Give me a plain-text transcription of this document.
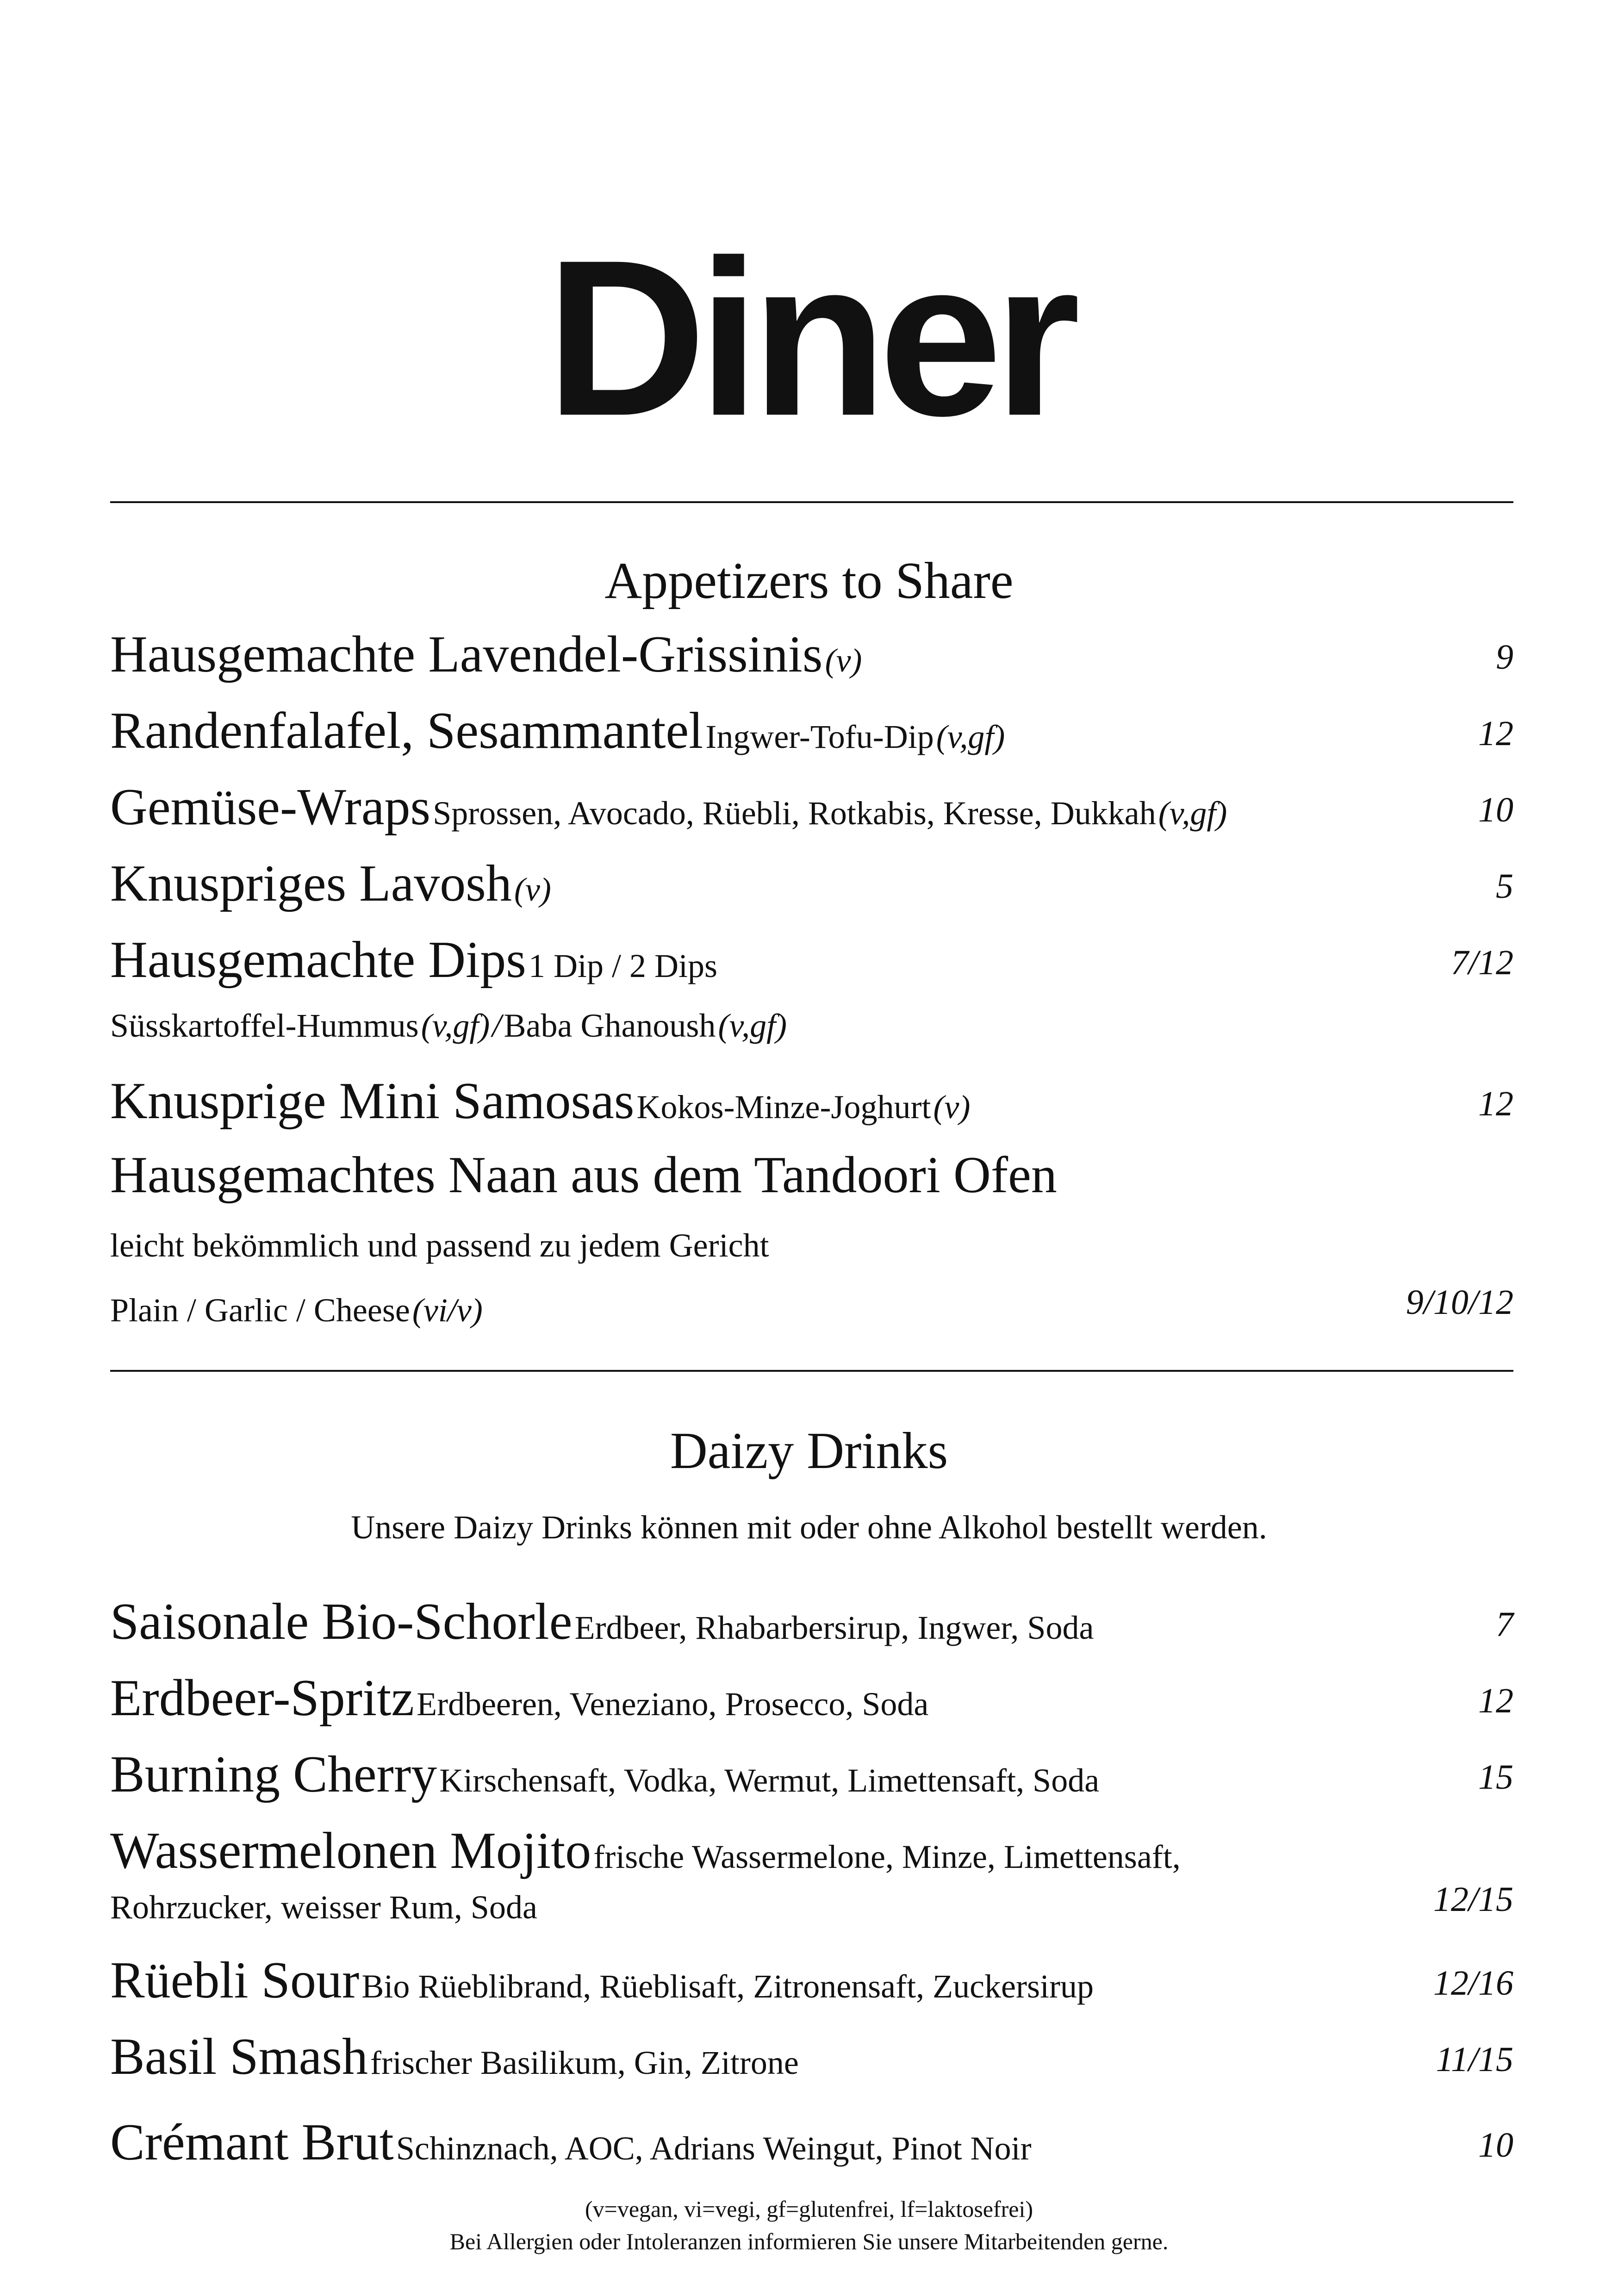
Diner
Appetizers to Share
Hausgemachte Lavendel-Grissinis (v)	9
Randenfalafel, Sesammantel Ingwer-Tofu-Dip (v,gf)	12
Gemüse-Wraps Sprossen, Avocado, Rüebli, Rotkabis, Kresse, Dukkah (v,gf)	10
Knuspriges Lavosh (v)	5
Hausgemachte Dips 1 Dip / 2 Dips	7/12
Süsskartoffel-Hummus (v,gf) / Baba Ghanoush (v,gf)
Knusprige Mini Samosas Kokos-Minze-Joghurt (v)	12
Hausgemachtes Naan aus dem Tandoori Ofen
leicht bekömmlich und passend zu jedem Gericht
Plain / Garlic / Cheese (vi/v)	9/10/12
Daizy Drinks
Unsere Daizy Drinks können mit oder ohne Alkohol bestellt werden.
Saisonale Bio-Schorle Erdbeer, Rhabarbersirup, Ingwer, Soda	7
Erdbeer-Spritz Erdbeeren, Veneziano, Prosecco, Soda	12
Burning Cherry Kirschensaft, Vodka, Wermut, Limettensaft, Soda	15
Wassermelonen Mojito frische Wassermelone, Minze, Limettensaft,
Rohrzucker, weisser Rum, Soda	12/15
Rüebli Sour Bio Rüeblibrand, Rüeblisaft, Zitronensaft, Zuckersirup	12/16
Basil Smash frischer Basilikum, Gin, Zitrone	11/15
Crémant Brut Schinznach, AOC, Adrians Weingut, Pinot Noir	10
(v=vegan, vi=vegi, gf=glutenfrei, lf=laktosefrei)
Bei Allergien oder Intoleranzen informieren Sie unsere Mitarbeitenden gerne.
